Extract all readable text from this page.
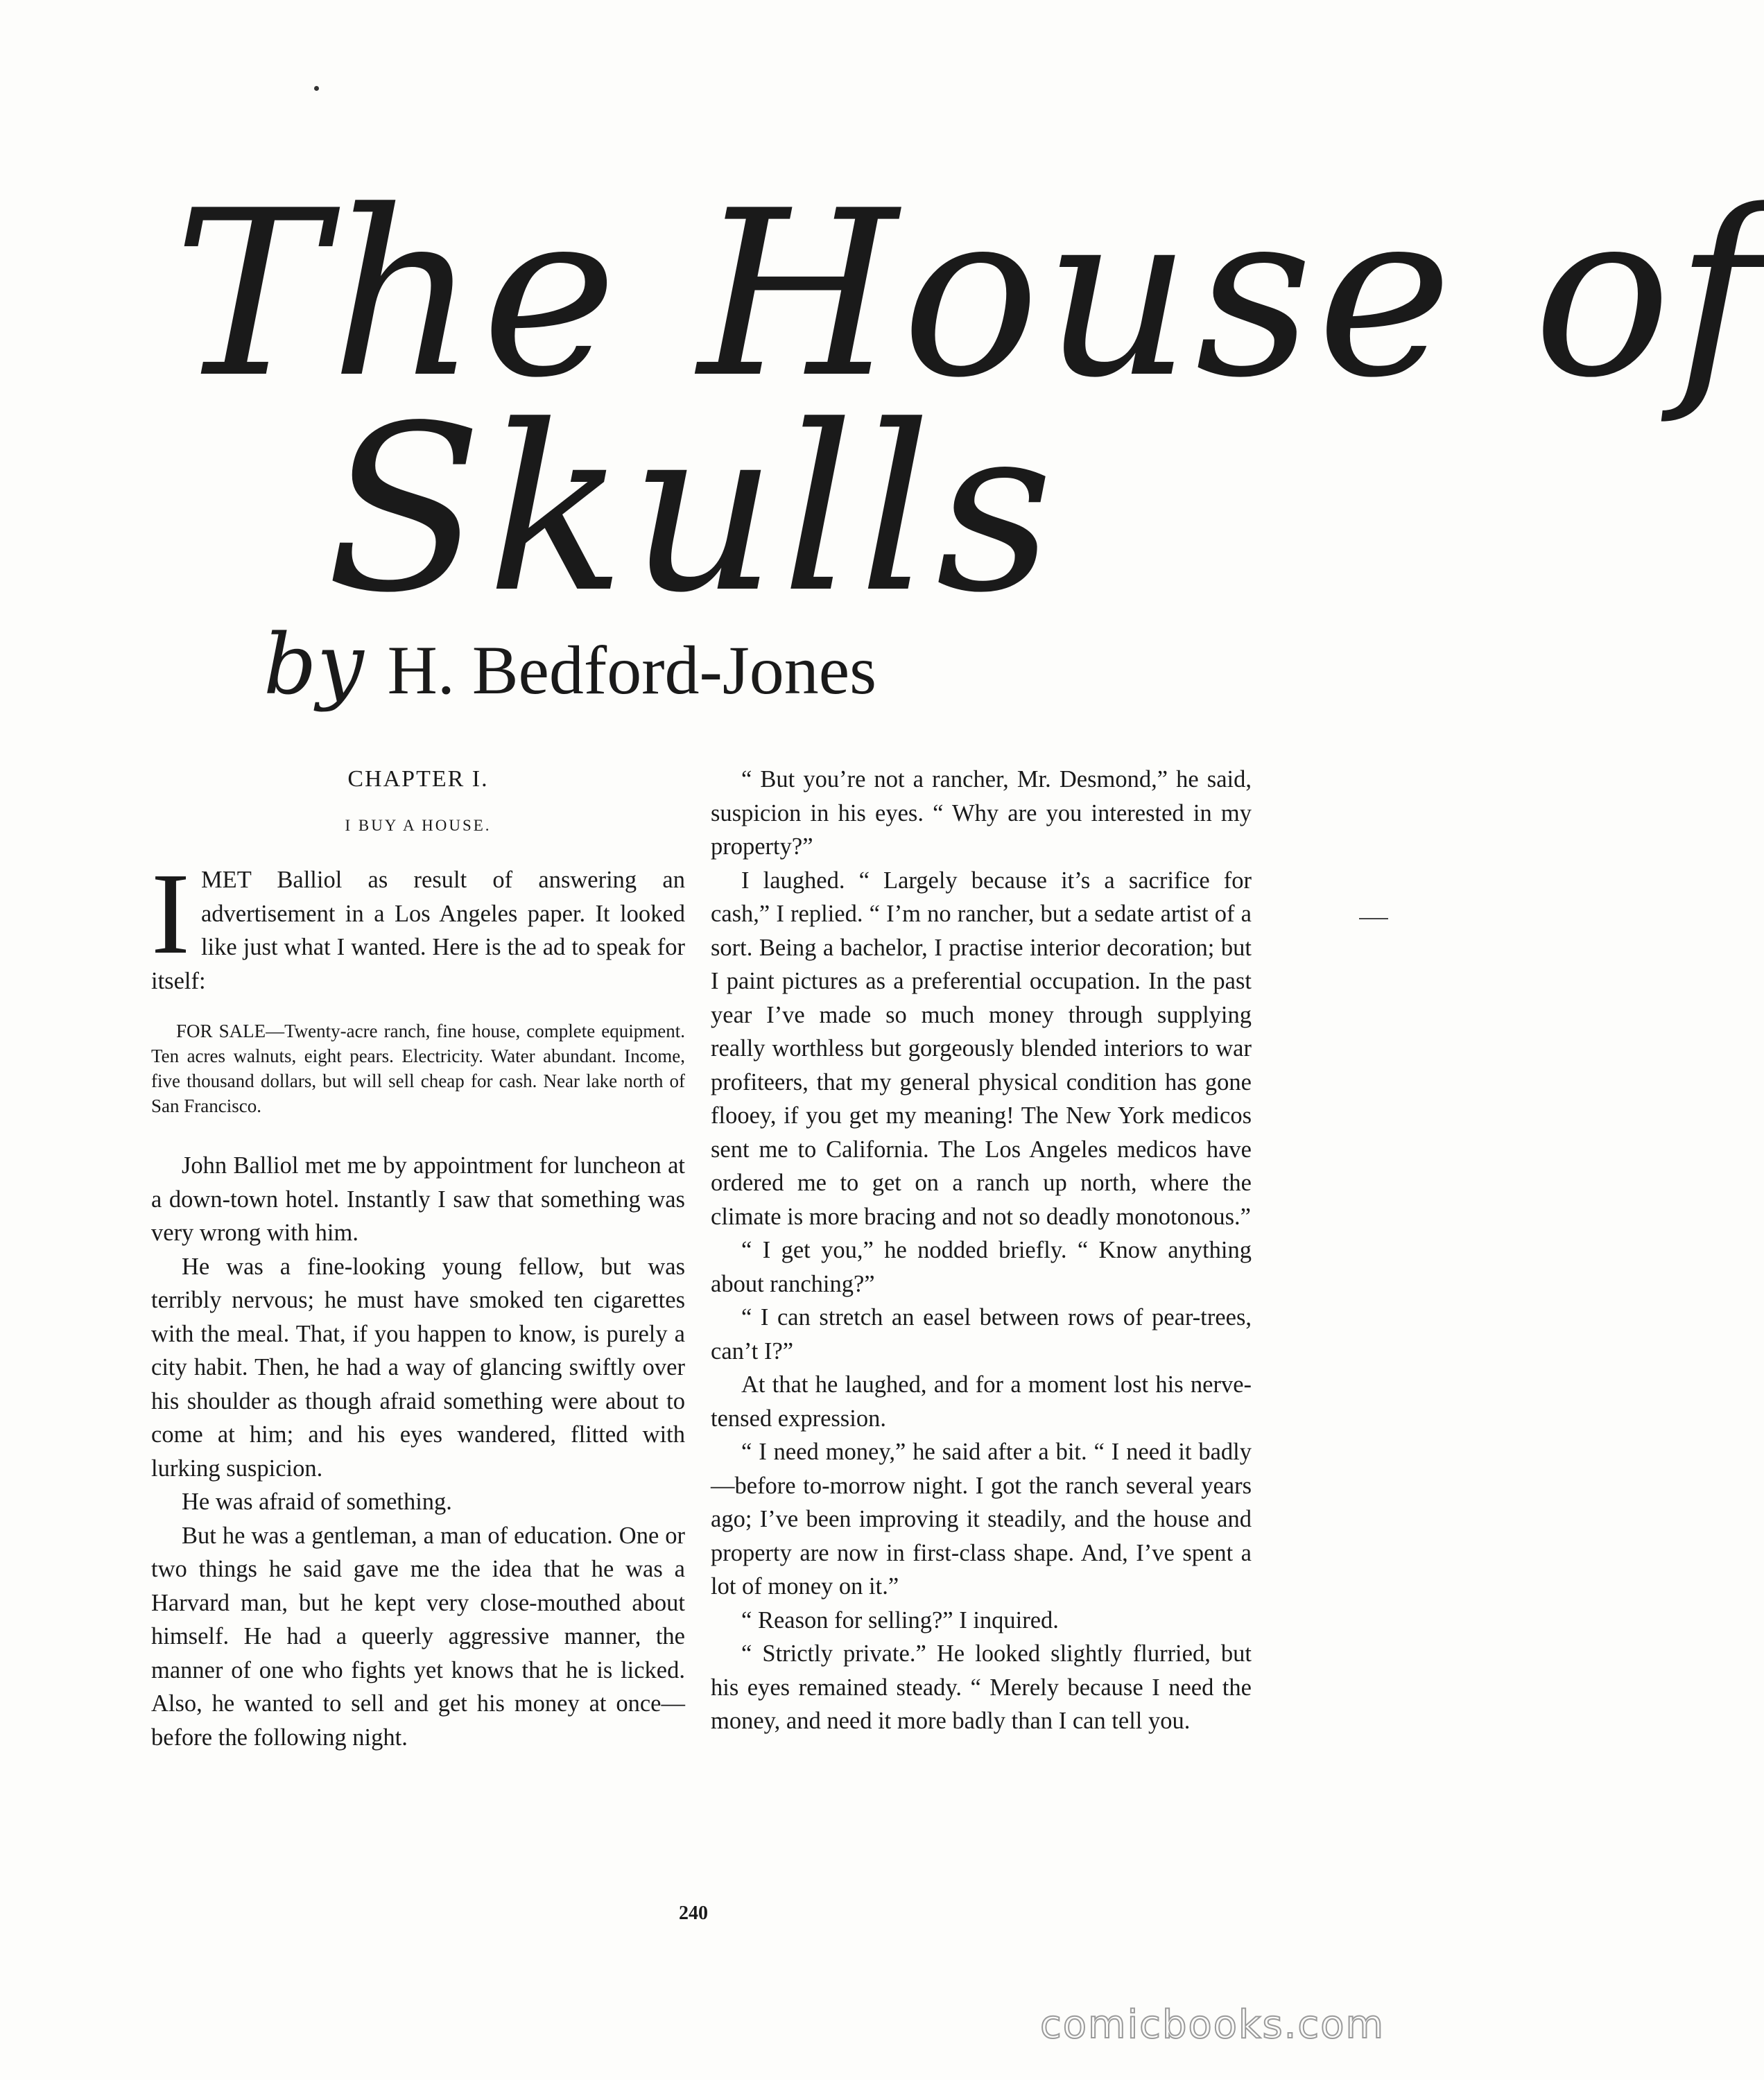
The House of
Skulls
by H. Bedford-Jones
CHAPTER I.
I BUY A HOUSE.

IMET Balliol as result of answering an advertisement in a Los Angeles paper. It looked like just what I wanted. Here is the ad to speak for itself:

FOR SALE—Twenty-acre ranch, fine house, complete equipment. Ten acres walnuts, eight pears. Electricity. Water abundant. Income, five thousand dollars, but will sell cheap for cash. Near lake north of San Francisco.

John Balliol met me by appointment for luncheon at a down-town hotel. Instantly I saw that something was very wrong with him.

He was a fine-looking young fellow, but was terribly nervous; he must have smoked ten cigarettes with the meal. That, if you happen to know, is purely a city habit. Then, he had a way of glancing swiftly over his shoulder as though afraid something were about to come at him; and his eyes wandered, flitted with lurking suspicion.

He was afraid of something.

But he was a gentleman, a man of education. One or two things he said gave me the idea that he was a Harvard man, but he kept very close-mouthed about himself. He had a queerly aggressive manner, the manner of one who fights yet knows that he is licked. Also, he wanted to sell and get his money at once—before the following night.

“ But you’re not a rancher, Mr. Desmond,” he said, suspicion in his eyes. “ Why are you interested in my property?”

I laughed. “ Largely because it’s a sacrifice for cash,” I replied. “ I’m no rancher, but a sedate artist of a sort. Being a bachelor, I practise interior decoration; but I paint pictures as a preferential occupation. In the past year I’ve made so much money through supplying really worthless but gorgeously blended interiors to war profiteers, that my general physical condition has gone flooey, if you get my meaning! The New York medicos sent me to California. The Los Angeles medicos have ordered me to get on a ranch up north, where the climate is more bracing and not so deadly monotonous.”

“ I get you,” he nodded briefly. “ Know anything about ranching?”

“ I can stretch an easel between rows of pear-trees, can’t I?”

At that he laughed, and for a moment lost his nerve-tensed expression.

“ I need money,” he said after a bit. “ I need it badly—before to-morrow night. I got the ranch several years ago; I’ve been improving it steadily, and the house and property are now in first-class shape. And, I’ve spent a lot of money on it.”

“ Reason for selling?” I inquired.

“ Strictly private.” He looked slightly flurried, but his eyes remained steady. “ Merely because I need the money, and need it more badly than I can tell you.

240
comicbooks.com
